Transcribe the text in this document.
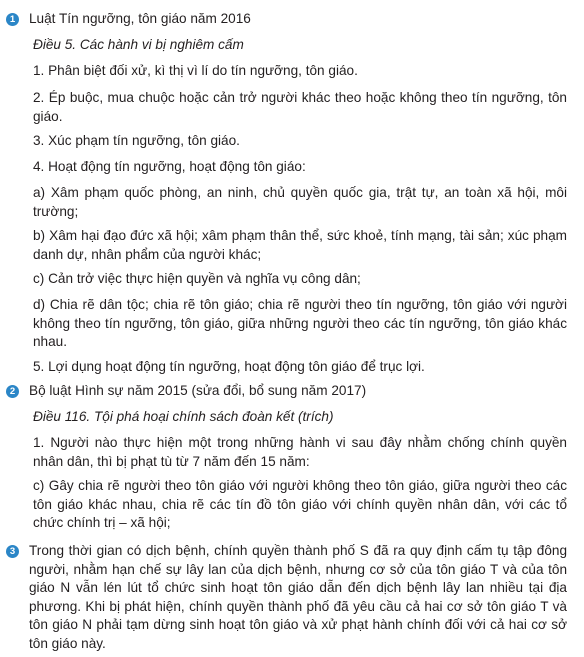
1 Luật Tín ngưỡng, tôn giáo năm 2016
Điều 5. Các hành vi bị nghiêm cấm
1. Phân biệt đối xử, kì thị vì lí do tín ngưỡng, tôn giáo.
2. Ép buộc, mua chuộc hoặc cản trở người khác theo hoặc không theo tín ngưỡng, tôn giáo.
3. Xúc phạm tín ngưỡng, tôn giáo.
4. Hoạt động tín ngưỡng, hoạt động tôn giáo:
a) Xâm phạm quốc phòng, an ninh, chủ quyền quốc gia, trật tự, an toàn xã hội, môi trường;
b) Xâm hại đạo đức xã hội; xâm phạm thân thể, sức khoẻ, tính mạng, tài sản; xúc phạm danh dự, nhân phẩm của người khác;
c) Cản trở việc thực hiện quyền và nghĩa vụ công dân;
d) Chia rẽ dân tộc; chia rẽ tôn giáo; chia rẽ người theo tín ngưỡng, tôn giáo với người không theo tín ngưỡng, tôn giáo, giữa những người theo các tín ngưỡng, tôn giáo khác nhau.
5. Lợi dụng hoạt động tín ngưỡng, hoạt động tôn giáo để trục lợi.
2 Bộ luật Hình sự năm 2015 (sửa đổi, bổ sung năm 2017)
Điều 116. Tội phá hoại chính sách đoàn kết (trích)
1. Người nào thực hiện một trong những hành vi sau đây nhằm chống chính quyền nhân dân, thì bị phạt tù từ 7 năm đến 15 năm:
c) Gây chia rẽ người theo tôn giáo với người không theo tôn giáo, giữa người theo các tôn giáo khác nhau, chia rẽ các tín đồ tôn giáo với chính quyền nhân dân, với các tổ chức chính trị – xã hội;
3 Trong thời gian có dịch bệnh, chính quyền thành phố S đã ra quy định cấm tụ tập đông người, nhằm hạn chế sự lây lan của dịch bệnh, nhưng cơ sở của tôn giáo T và của tôn giáo N vẫn lén lút tổ chức sinh hoạt tôn giáo dẫn đến dịch bệnh lây lan nhiều tại địa phương. Khi bị phát hiện, chính quyền thành phố đã yêu cầu cả hai cơ sở tôn giáo T và tôn giáo N phải tạm dừng sinh hoạt tôn giáo và xử phạt hành chính đối với cả hai cơ sở tôn giáo này.
